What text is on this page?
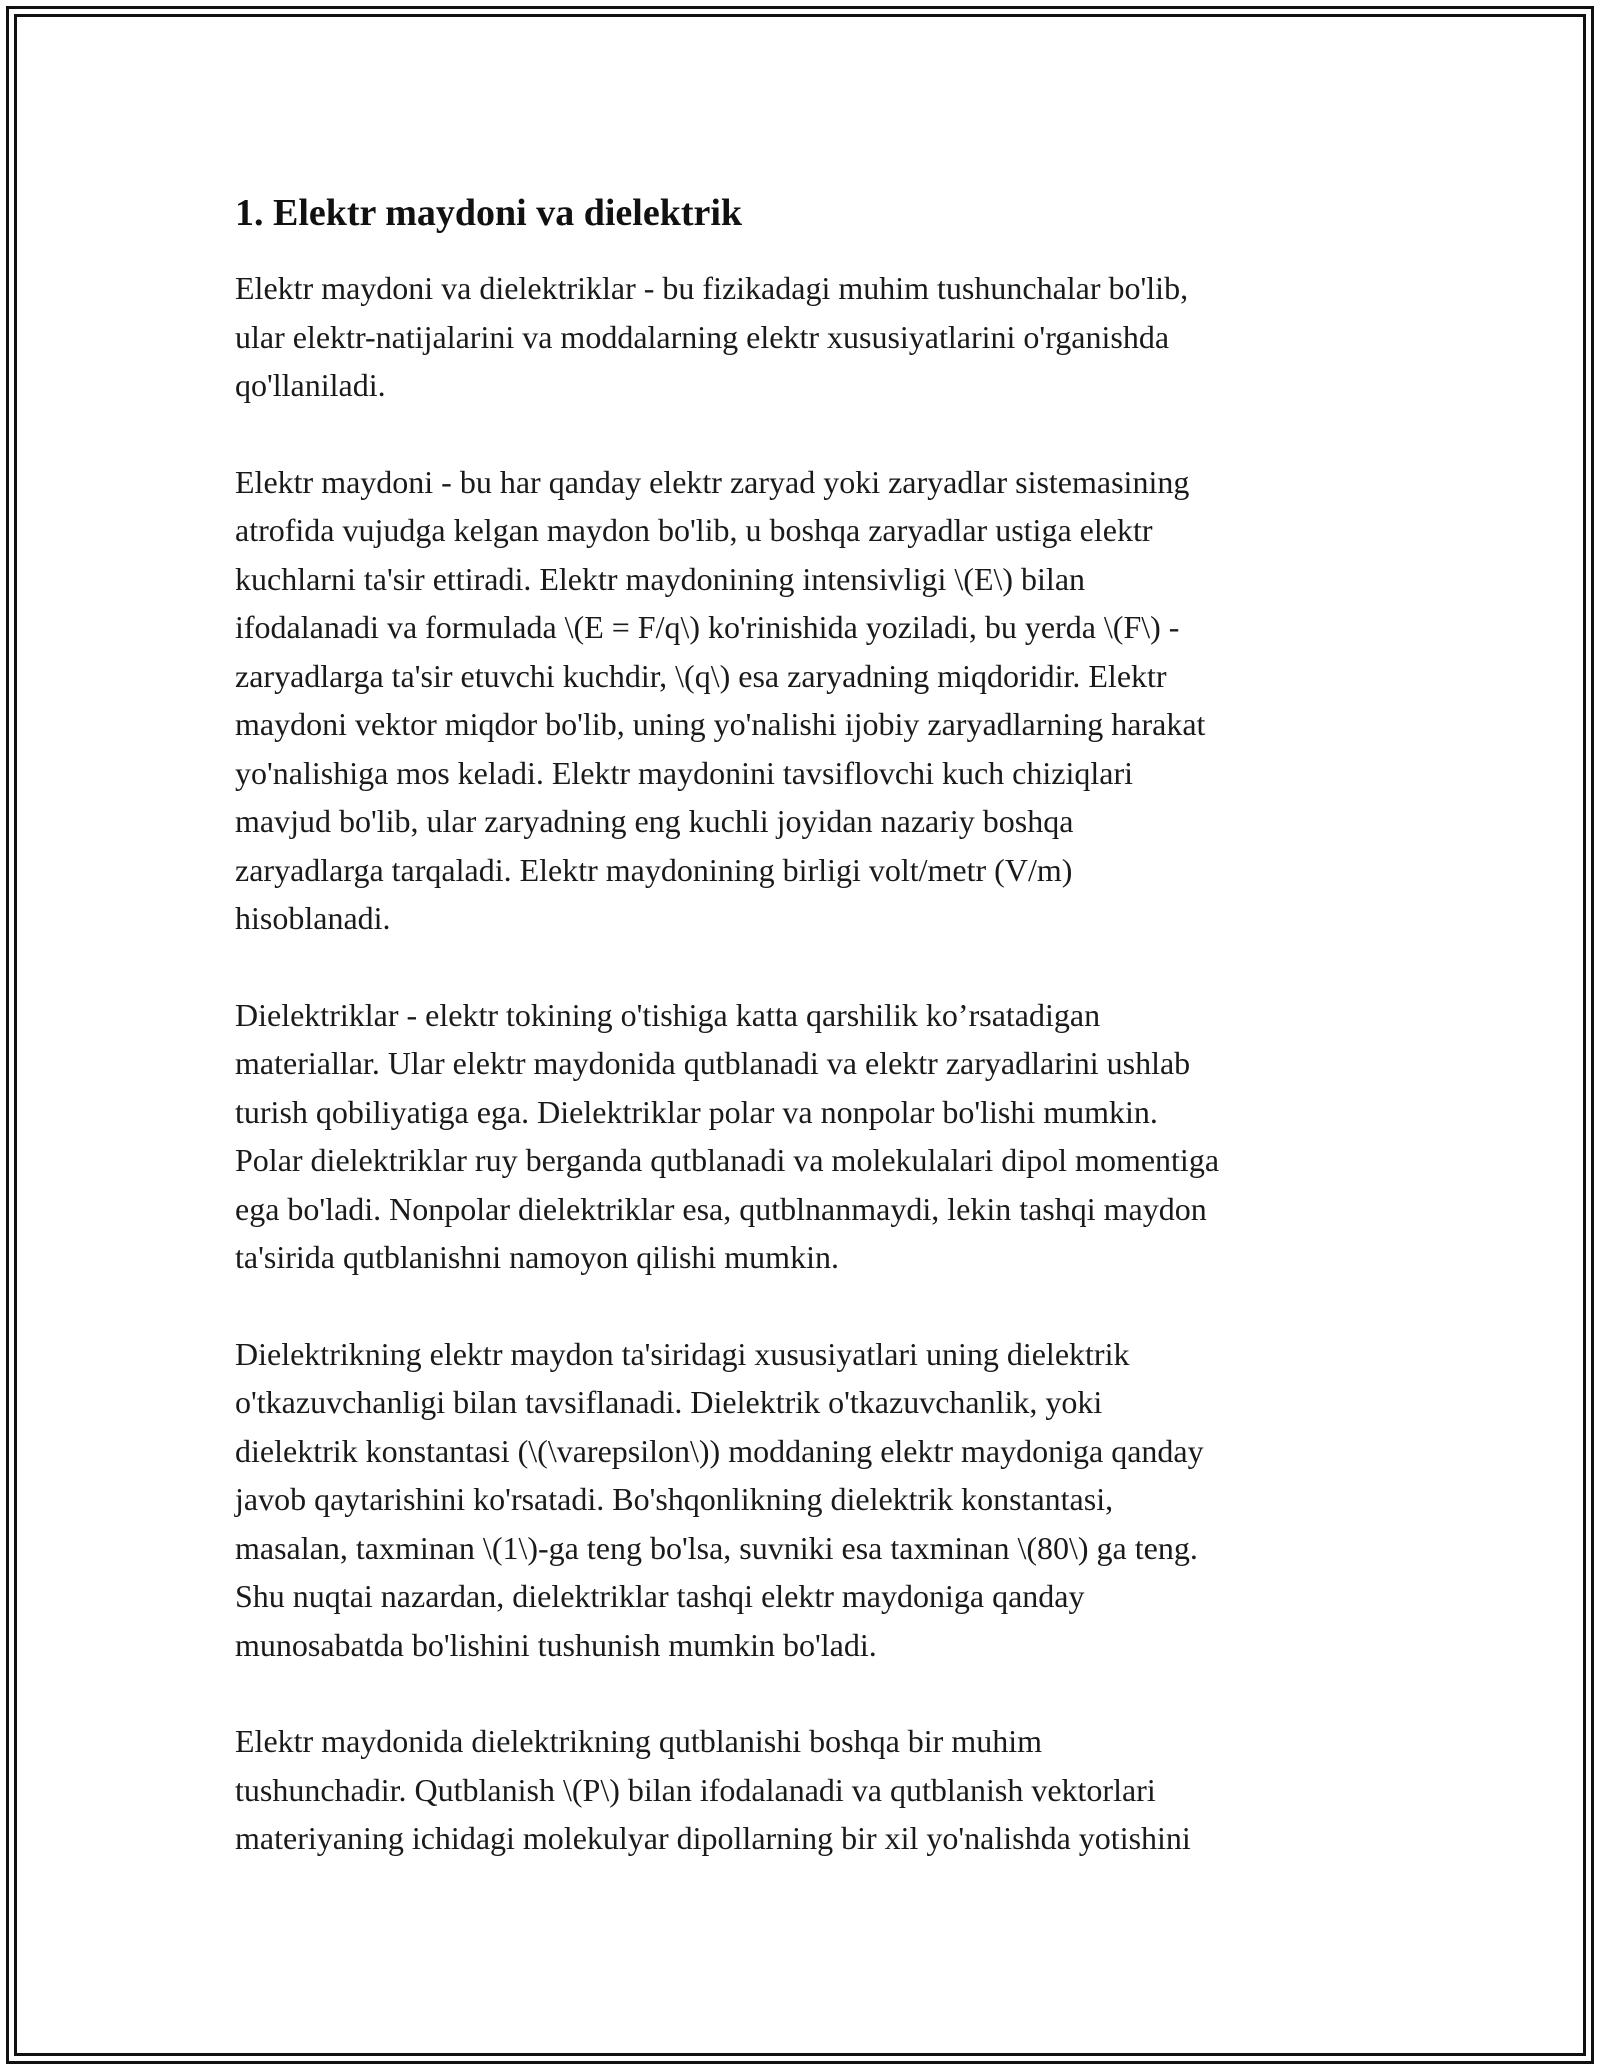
1. Elektr maydoni va dielektrik

Elektr maydoni va dielektriklar - bu fizikadagi muhim tushunchalar bo'lib,
ular elektr-natijalarini va moddalarning elektr xususiyatlarini o'rganishda
qo'llaniladi.

Elektr maydoni - bu har qanday elektr zaryad yoki zaryadlar sistemasining
atrofida vujudga kelgan maydon bo'lib, u boshqa zaryadlar ustiga elektr
kuchlarni ta'sir ettiradi. Elektr maydonining intensivligi \(E\) bilan
ifodalanadi va formulada \(E = F/q\) ko'rinishida yoziladi, bu yerda \(F\) -
zaryadlarga ta'sir etuvchi kuchdir, \(q\) esa zaryadning miqdoridir. Elektr
maydoni vektor miqdor bo'lib, uning yo'nalishi ijobiy zaryadlarning harakat
yo'nalishiga mos keladi. Elektr maydonini tavsiflovchi kuch chiziqlari
mavjud bo'lib, ular zaryadning eng kuchli joyidan nazariy boshqa
zaryadlarga tarqaladi. Elektr maydonining birligi volt/metr (V/m)
hisoblanadi.

Dielektriklar - elektr tokining o'tishiga katta qarshilik ko’rsatadigan
materiallar. Ular elektr maydonida qutblanadi va elektr zaryadlarini ushlab
turish qobiliyatiga ega. Dielektriklar polar va nonpolar bo'lishi mumkin.
Polar dielektriklar ruy berganda qutblanadi va molekulalari dipol momentiga
ega bo'ladi. Nonpolar dielektriklar esa, qutblnanmaydi, lekin tashqi maydon
ta'sirida qutblanishni namoyon qilishi mumkin.

Dielektrikning elektr maydon ta'siridagi xususiyatlari uning dielektrik
o'tkazuvchanligi bilan tavsiflanadi. Dielektrik o'tkazuvchanlik, yoki
dielektrik konstantasi (\(\varepsilon\)) moddaning elektr maydoniga qanday
javob qaytarishini ko'rsatadi. Bo'shqonlikning dielektrik konstantasi,
masalan, taxminan \(1\)-ga teng bo'lsa, suvniki esa taxminan \(80\) ga teng.
Shu nuqtai nazardan, dielektriklar tashqi elektr maydoniga qanday
munosabatda bo'lishini tushunish mumkin bo'ladi.

Elektr maydonida dielektrikning qutblanishi boshqa bir muhim
tushunchadir. Qutblanish \(P\) bilan ifodalanadi va qutblanish vektorlari
materiyaning ichidagi molekulyar dipollarning bir xil yo'nalishda yotishini
